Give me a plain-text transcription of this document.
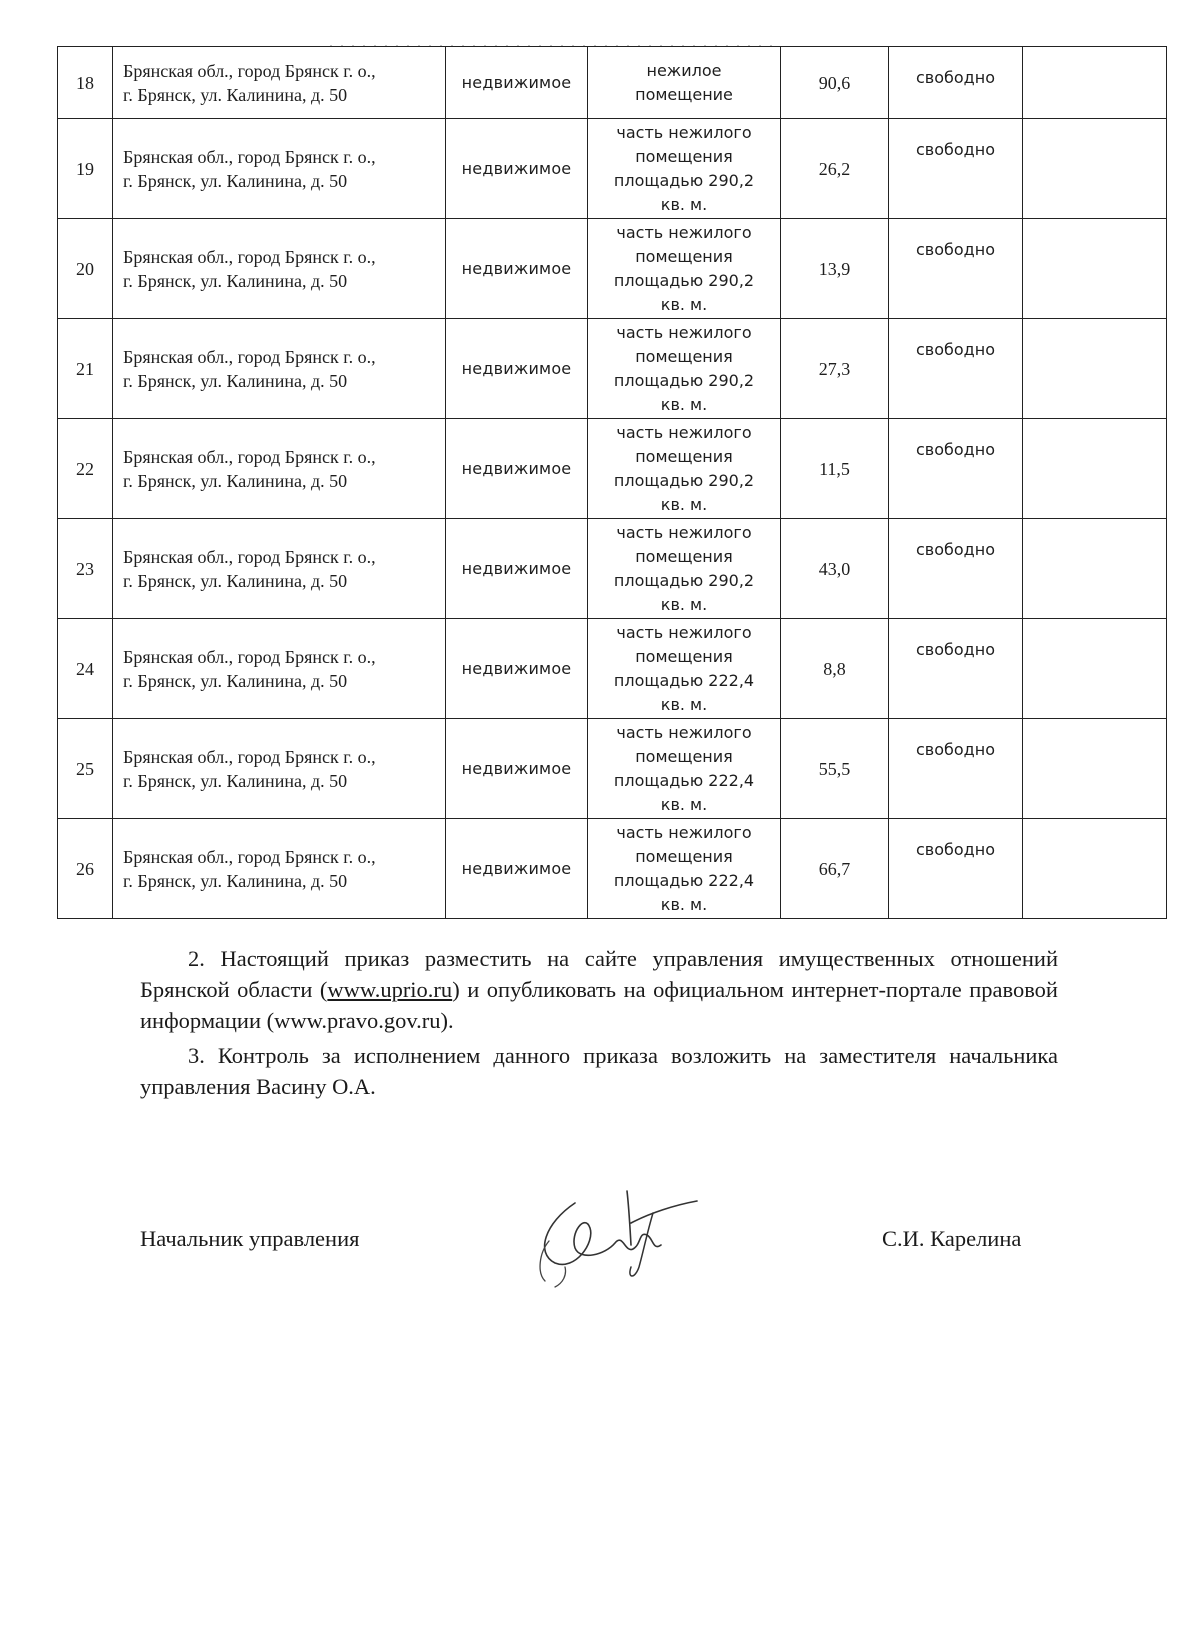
18	Брянская обл., город Брянск г. о.,
г. Брянск, ул. Калинина, д. 50	недвижимое	нежилое
помещение	90,6	свободно	
19	Брянская обл., город Брянск г. о.,
г. Брянск, ул. Калинина, д. 50	недвижимое	часть нежилого
помещения
площадью 290,2
кв. м.	26,2	свободно	
20	Брянская обл., город Брянск г. о.,
г. Брянск, ул. Калинина, д. 50	недвижимое	часть нежилого
помещения
площадью 290,2
кв. м.	13,9	свободно	
21	Брянская обл., город Брянск г. о.,
г. Брянск, ул. Калинина, д. 50	недвижимое	часть нежилого
помещения
площадью 290,2
кв. м.	27,3	свободно	
22	Брянская обл., город Брянск г. о.,
г. Брянск, ул. Калинина, д. 50	недвижимое	часть нежилого
помещения
площадью 290,2
кв. м.	11,5	свободно	
23	Брянская обл., город Брянск г. о.,
г. Брянск, ул. Калинина, д. 50	недвижимое	часть нежилого
помещения
площадью 290,2
кв. м.	43,0	свободно	
24	Брянская обл., город Брянск г. о.,
г. Брянск, ул. Калинина, д. 50	недвижимое	часть нежилого
помещения
площадью 222,4
кв. м.	8,8	свободно	
25	Брянская обл., город Брянск г. о.,
г. Брянск, ул. Калинина, д. 50	недвижимое	часть нежилого
помещения
площадью 222,4
кв. м.	55,5	свободно	
26	Брянская обл., город Брянск г. о.,
г. Брянск, ул. Калинина, д. 50	недвижимое	часть нежилого
помещения
площадью 222,4
кв. м.	66,7	свободно	
2. Настоящий приказ разместить на сайте управления имущественных отношений Брянской области (www.uprio.ru) и опубликовать на официальном интернет-портале правовой информации (www.pravo.gov.ru).
3. Контроль за исполнением данного приказа возложить на заместителя начальника управления Васину О.А.
Начальник управления	С.И. Карелина
